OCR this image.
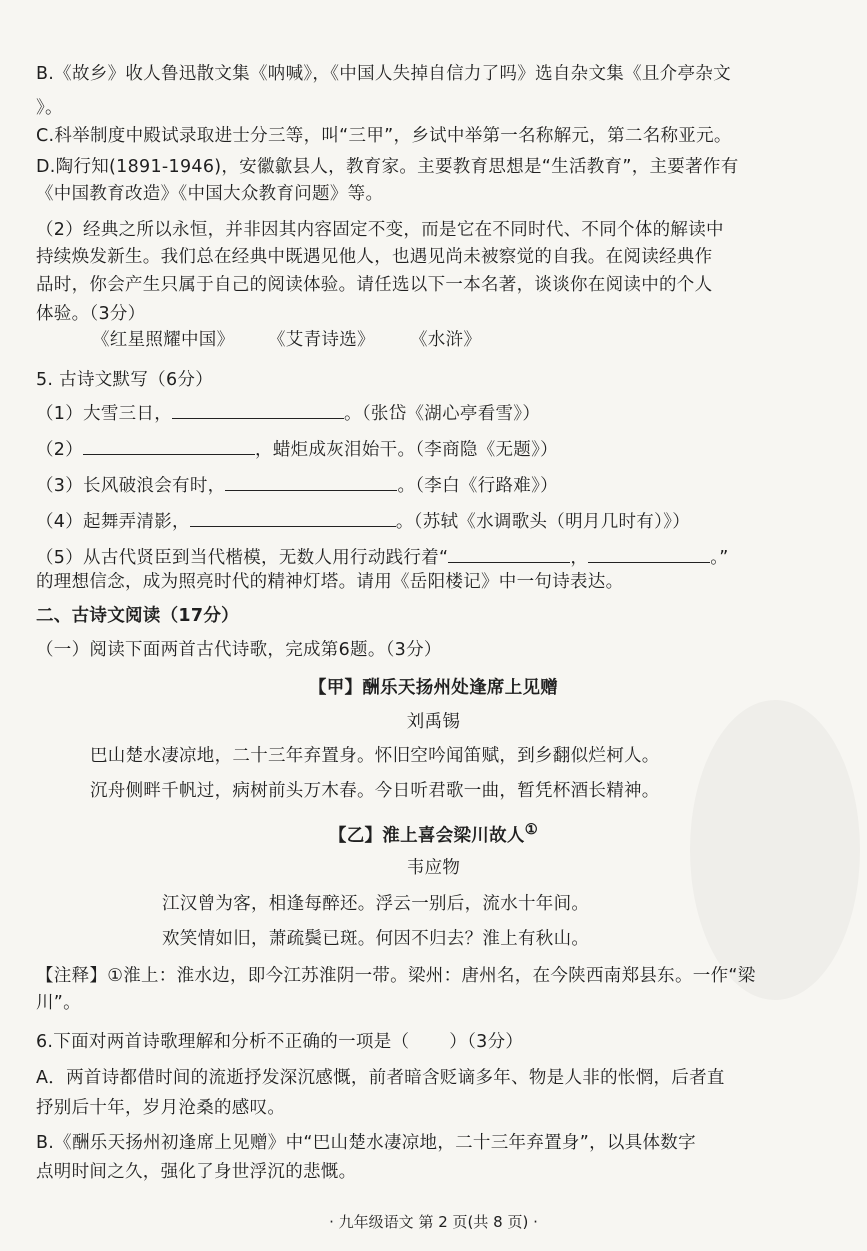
B.《故乡》收人鲁迅散文集《呐喊》，《中国人失掉自信力了吗》选自杂文集《且介亭杂文
》。
C.科举制度中殿试录取进士分三等，叫“三甲”，乡试中举第一名称解元，第二名称亚元。
D.陶行知(1891-1946)，安徽歙县人，教育家。主要教育思想是“生活教育”，主要著作有
《中国教育改造》《中国大众教育问题》等。
（2）经典之所以永恒，并非因其内容固定不变，而是它在不同时代、不同个体的解读中
持续焕发新生。我们总在经典中既遇见他人，也遇见尚未被察觉的自我。在阅读经典作
品时，你会产生只属于自己的阅读体验。请任选以下一本名著，谈谈你在阅读中的个人
体验。（3分）
《红星照耀中国》 《艾青诗选》 《水浒》
5. 古诗文默写（6分）
（1）大雪三日，	。（张岱《湖心亭看雪》）
（2）	，蜡炬成灰泪始干。（李商隐《无题》）
（3）长风破浪会有时，	。（李白《行路难》）
（4）起舞弄清影，	。（苏轼《水调歌头（明月几时有）》）
（5）从古代贤臣到当代楷模，无数人用行动践行着“	，	。”
的理想信念，成为照亮时代的精神灯塔。请用《岳阳楼记》中一句诗表达。
二、古诗文阅读（17分）
（一）阅读下面两首古代诗歌，完成第6题。（3分）
【甲】酬乐天扬州处逢席上见赠
刘禹锡
巴山楚水凄凉地，二十三年弃置身。怀旧空吟闻笛赋，到乡翻似烂柯人。
沉舟侧畔千帆过，病树前头万木春。今日听君歌一曲，暂凭杯酒长精神。
【乙】淮上喜会梁川故人①
韦应物
江汉曾为客，相逢每醉还。浮云一别后，流水十年间。
欢笑情如旧，萧疏鬓已斑。何因不归去？淮上有秋山。
【注释】①淮上：淮水边，即今江苏淮阴一带。梁州：唐州名，在今陕西南郑县东。一作“梁
川”。
6.下面对两首诗歌理解和分析不正确的一项是（ ）（3分）
A．两首诗都借时间的流逝抒发深沉感慨，前者暗含贬谪多年、物是人非的怅惘，后者直
抒别后十年，岁月沧桑的感叹。
B.《酬乐天扬州初逢席上见赠》中“巴山楚水凄凉地，二十三年弃置身”，以具体数字
点明时间之久，强化了身世浮沉的悲慨。
· 九年级语文 第 2 页(共 8 页) ·
